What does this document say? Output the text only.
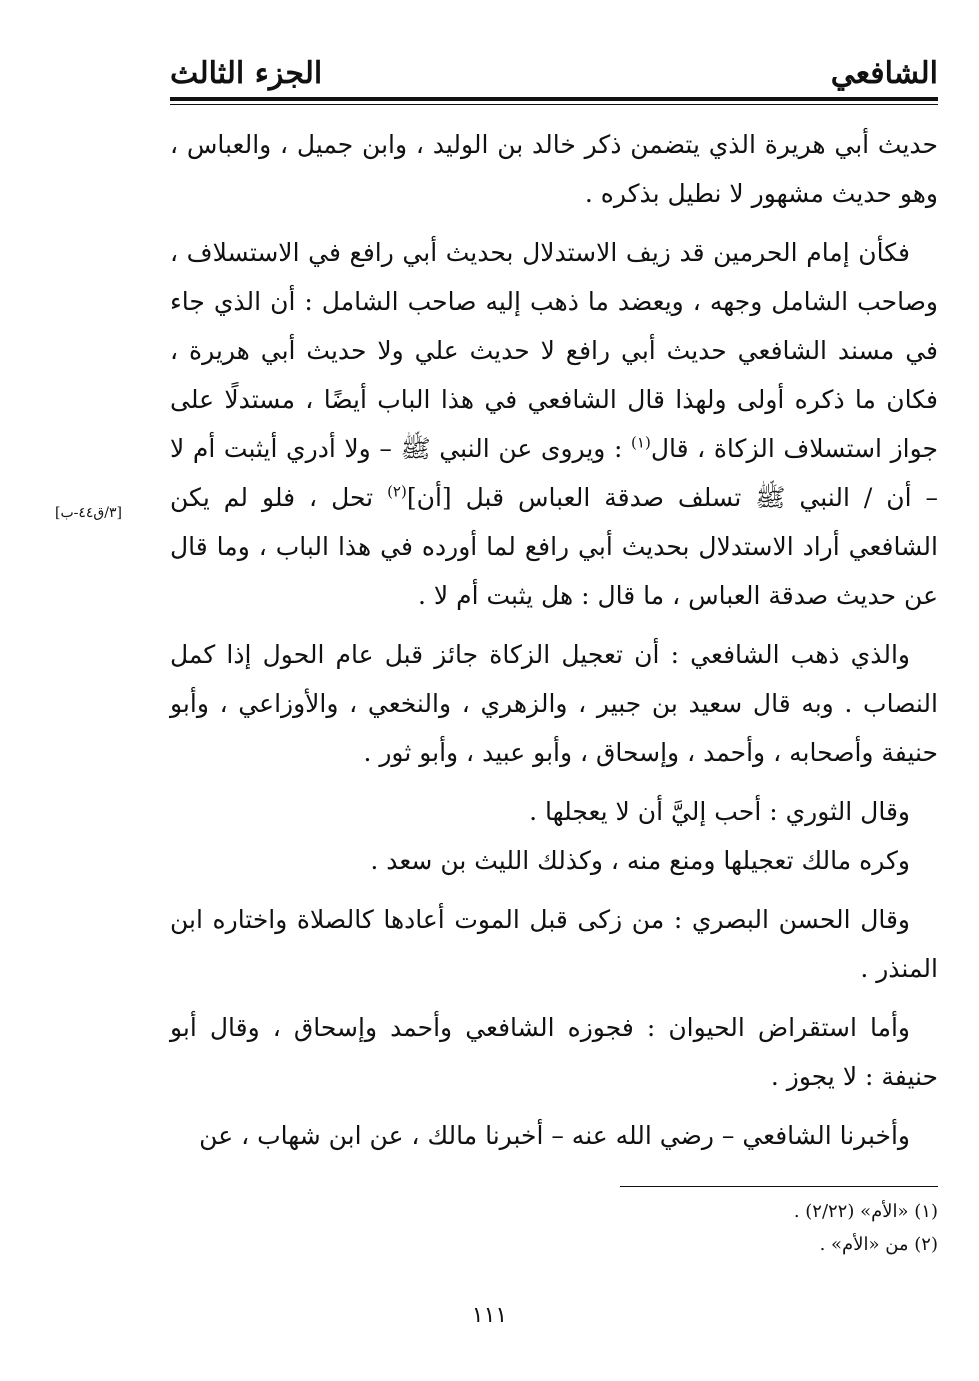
الشافعي
الجزء الثالث
[٣/ق٤٤-ب]

حديث أبي هريرة الذي يتضمن ذكر خالد بن الوليد ، وابن جميل ، والعباس ، وهو حديث مشهور لا نطيل بذكره .

فكأن إمام الحرمين قد زيف الاستدلال بحديث أبي رافع في الاستسلاف ، وصاحب الشامل وجهه ، ويعضد ما ذهب إليه صاحب الشامل : أن الذي جاء في مسند الشافعي حديث أبي رافع لا حديث علي ولا حديث أبي هريرة ، فكان ما ذكره أولى ولهذا قال الشافعي في هذا الباب أيضًا ، مستدلًا على جواز استسلاف الزكاة ، قال$^{(١)}$ : ويروى عن النبي ﷺ – ولا أدري أيثبت أم لا – أن / النبي ﷺ تسلف صدقة العباس قبل [أن]$^{(٢)}$ تحل ، فلو لم يكن الشافعي أراد الاستدلال بحديث أبي رافع لما أورده في هذا الباب ، وما قال عن حديث صدقة العباس ، ما قال : هل يثبت أم لا .

والذي ذهب الشافعي : أن تعجيل الزكاة جائز قبل عام الحول إذا كمل النصاب . وبه قال سعيد بن جبير ، والزهري ، والنخعي ، والأوزاعي ، وأبو حنيفة وأصحابه ، وأحمد ، وإسحاق ، وأبو عبيد ، وأبو ثور .

وقال الثوري : أحب إليَّ أن لا يعجلها .

وكره مالك تعجيلها ومنع منه ، وكذلك الليث بن سعد .

وقال الحسن البصري : من زكى قبل الموت أعادها كالصلاة واختاره ابن المنذر .

وأما استقراض الحيوان : فجوزه الشافعي وأحمد وإسحاق ، وقال أبو حنيفة : لا يجوز .

وأخبرنا الشافعي – رضي الله عنه – أخبرنا مالك ، عن ابن شهاب ، عن

(١) «الأم» (٢/٢٢) .
(٢) من «الأم» .
١١١
